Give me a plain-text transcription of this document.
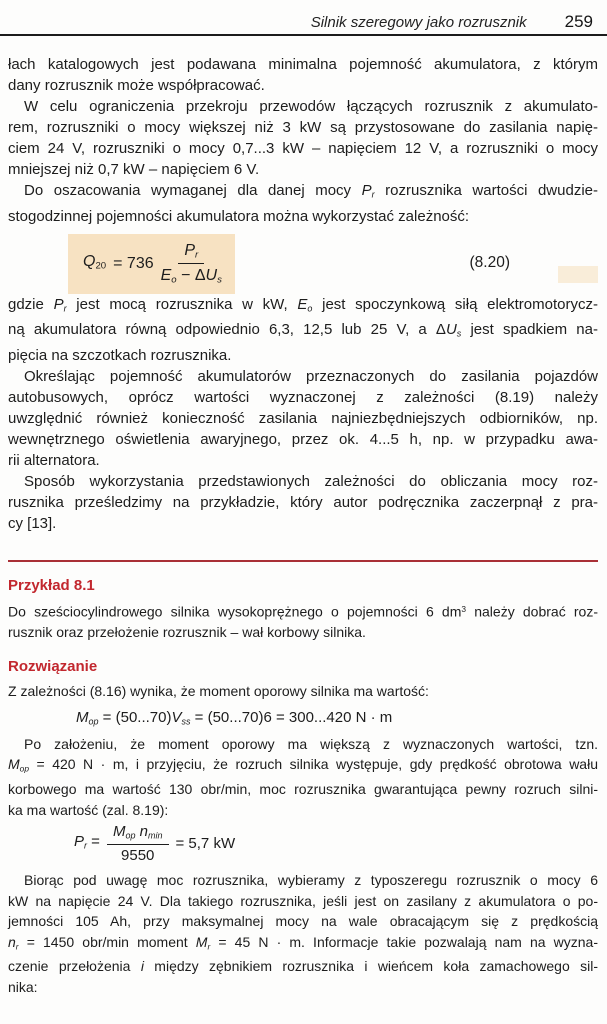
Silnik szeregowy jako rozrusznik 259
łach katalogowych jest podawana minimalna pojemność akumulatora, z którym
dany rozrusznik może współpracować.
W celu ograniczenia przekroju przewodów łączących rozrusznik z akumulato-
rem, rozruszniki o mocy większej niż 3 kW są przystosowane do zasilania napię-
ciem 24 V, rozruszniki o mocy 0,7...3 kW – napięciem 12 V, a rozruszniki o mocy
mniejszej niż 0,7 kW – napięciem 6 V.
Do oszacowania wymaganej dla danej mocy $P_r$ rozrusznika wartości dwudzie-
stogodzinnej pojemności akumulatora można wykorzystać zależność:
$Q_{20} = 736 \frac{P_r}{E_o - \Delta U_s}$	(8.20)
gdzie $P_r$ jest mocą rozrusznika w kW, $E_o$ jest spoczynkową siłą elektromotorycz-
ną akumulatora równą odpowiednio 6,3, 12,5 lub 25 V, a $\Delta U_s$ jest spadkiem na-
pięcia na szczotkach rozrusznika.
Określając pojemność akumulatorów przeznaczonych do zasilania pojazdów
autobusowych, oprócz wartości wyznaczonej z zależności (8.19) należy
uwzględnić również konieczność zasilania najniezbędniejszych odbiorników, np.
wewnętrznego oświetlenia awaryjnego, przez ok. 4...5 h, np. w przypadku awa-
rii alternatora.
Sposób wykorzystania przedstawionych zależności do obliczania mocy roz-
rusznika prześledzimy na przykładzie, który autor podręcznika zaczerpnął z pra-
cy [13].
Przykład 8.1
Do sześciocylindrowego silnika wysokoprężnego o pojemności 6 $dm^3$ należy dobrać roz-
rusznik oraz przełożenie rozrusznik – wał korbowy silnika.
Rozwiązanie
Z zależności (8.16) wynika, że moment oporowy silnika ma wartość:
$M_{op} = (50...70)V_{ss} = (50...70)6 = 300...420$ N · m
Po założeniu, że moment oporowy ma większą z wyznaczonych wartości, tzn.
$M_{op} = 420$ N · m, i przyjęciu, że rozruch silnika występuje, gdy prędkość obrotowa wału
korbowego ma wartość 130 obr/min, moc rozrusznika gwarantująca pewny rozruch silni-
ka ma wartość (zal. 8.19):
$P_r = \frac{M_{op} n_{min}}{9550} = 5,7$ kW
Biorąc pod uwagę moc rozrusznika, wybieramy z typoszeregu rozrusznik o mocy 6
kW na napięcie 24 V. Dla takiego rozrusznika, jeśli jest on zasilany z akumulatora o po-
jemności 105 Ah, przy maksymalnej mocy na wale obracającym się z prędkością
$n_r = 1450$ obr/min moment $M_r = 45$ N · m. Informacje takie pozwalają nam na wyzna-
czenie przełożenia i między zębnikiem rozrusznika i wieńcem koła zamachowego sil-
nika:
